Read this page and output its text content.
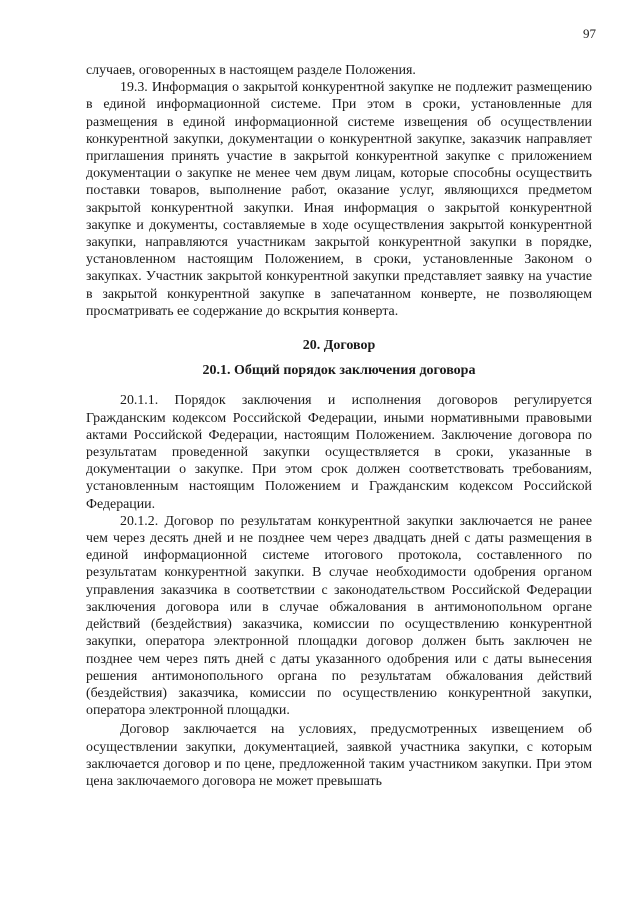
97

случаев, оговоренных в настоящем разделе Положения.

19.3. Информация о закрытой конкурентной закупке не подлежит размещению в единой информационной системе. При этом в сроки, установленные для размещения в единой информационной системе извещения об осуществлении конкурентной закупки, документации о конкурентной закупке, заказчик направляет приглашения принять участие в закрытой конкурентной закупке с приложением документации о закупке не менее чем двум лицам, которые способны осуществить поставки товаров, выполнение работ, оказание услуг, являющихся предметом закрытой конкурентной закупки. Иная информация о закрытой конкурентной закупке и документы, составляемые в ходе осуществления закрытой конкурентной закупки, направляются участникам закрытой конкурентной закупки в порядке, установленном настоящим Положением, в сроки, установленные Законом о закупках. Участник закрытой конкурентной закупки представляет заявку на участие в закрытой конкурентной закупке в запечатанном конверте, не позволяющем просматривать ее содержание до вскрытия конверта.

20. Договор
20.1. Общий порядок заключения договора

20.1.1. Порядок заключения и исполнения договоров регулируется Гражданским кодексом Российской Федерации, иными нормативными правовыми актами Российской Федерации, настоящим Положением. Заключение договора по результатам проведенной закупки осуществляется в сроки, указанные в документации о закупке. При этом срок должен соответствовать требованиям, установленным настоящим Положением и Гражданским кодексом Российской Федерации.

20.1.2. Договор по результатам конкурентной закупки заключается не ранее чем через десять дней и не позднее чем через двадцать дней с даты размещения в единой информационной системе итогового протокола, составленного по результатам конкурентной закупки. В случае необходимости одобрения органом управления заказчика в соответствии с законодательством Российской Федерации заключения договора или в случае обжалования в антимонопольном органе действий (бездействия) заказчика, комиссии по осуществлению конкурентной закупки, оператора электронной площадки договор должен быть заключен не позднее чем через пять дней с даты указанного одобрения или с даты вынесения решения антимонопольного органа по результатам обжалования действий (бездействия) заказчика, комиссии по осуществлению конкурентной закупки, оператора электронной площадки.

Договор заключается на условиях, предусмотренных извещением об осуществлении закупки, документацией, заявкой участника закупки, с которым заключается договор и по цене, предложенной таким участником закупки. При этом цена заключаемого договора не может превышать
